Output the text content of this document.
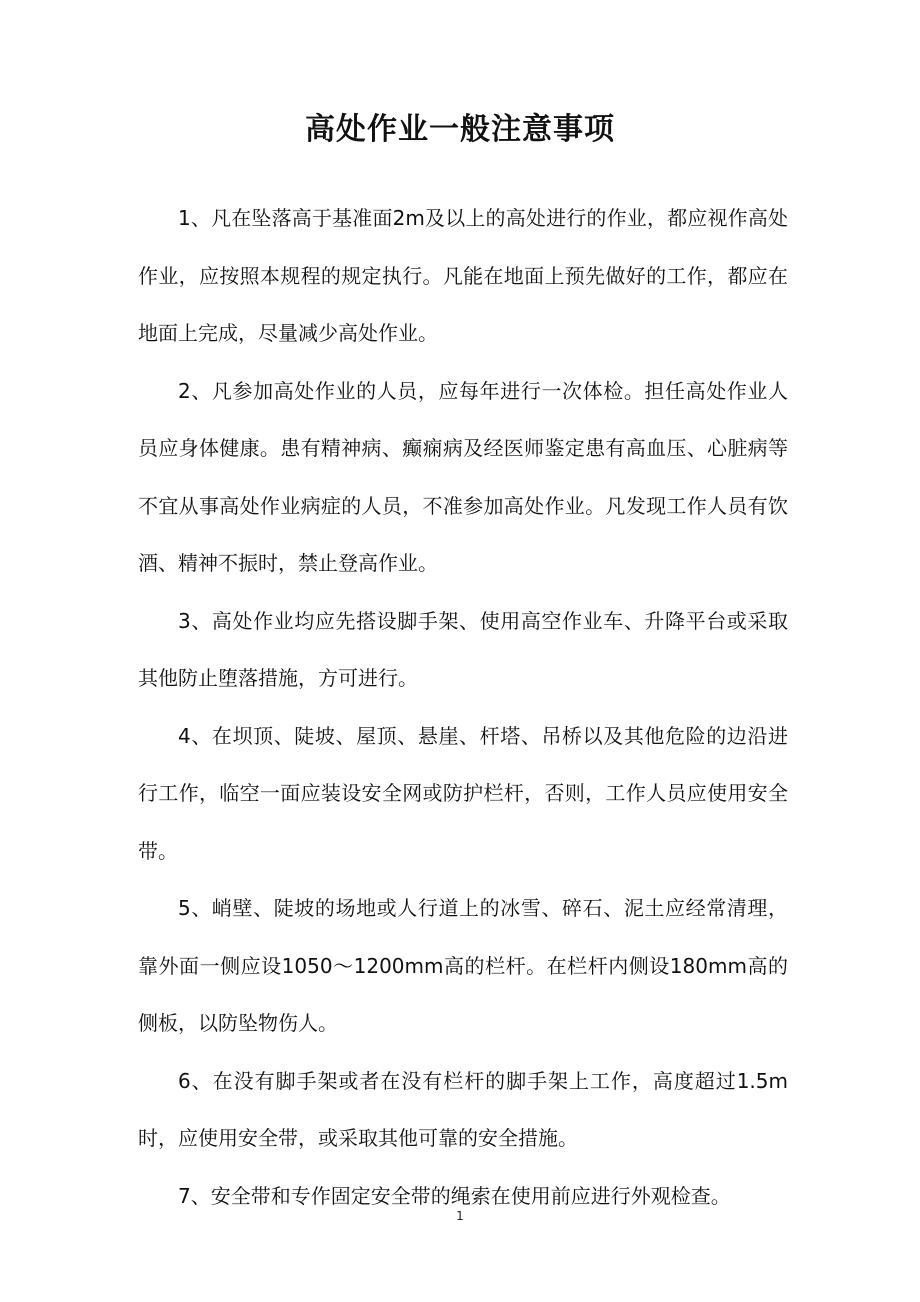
高处作业一般注意事项

1、凡在坠落高于基准面2m及以上的高处进行的作业，都应视作高处作业，应按照本规程的规定执行。凡能在地面上预先做好的工作，都应在地面上完成，尽量减少高处作业。

2、凡参加高处作业的人员，应每年进行一次体检。担任高处作业人员应身体健康。患有精神病、癫痫病及经医师鉴定患有高血压、心脏病等不宜从事高处作业病症的人员，不准参加高处作业。凡发现工作人员有饮酒、精神不振时，禁止登高作业。

3、高处作业均应先搭设脚手架、使用高空作业车、升降平台或采取其他防止堕落措施，方可进行。

4、在坝顶、陡坡、屋顶、悬崖、杆塔、吊桥以及其他危险的边沿进行工作，临空一面应装设安全网或防护栏杆，否则，工作人员应使用安全带。

5、峭壁、陡坡的场地或人行道上的冰雪、碎石、泥土应经常清理，靠外面一侧应设1050～1200mm高的栏杆。在栏杆内侧设180mm高的侧板，以防坠物伤人。

6、在没有脚手架或者在没有栏杆的脚手架上工作，高度超过1.5m时，应使用安全带，或采取其他可靠的安全措施。

7、安全带和专作固定安全带的绳索在使用前应进行外观检查。

1
